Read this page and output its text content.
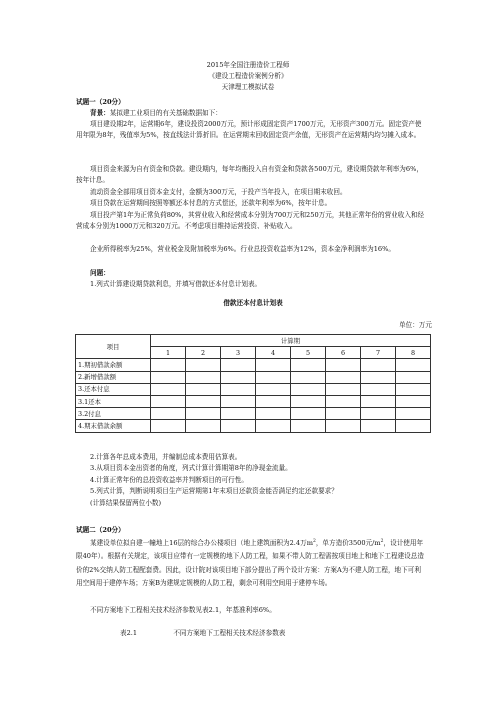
2015年全国注册造价工程师
《建设工程造价案例分析》
天津理工模拟试卷
试题一（20分）
背景：某拟建工业项目的有关基础数据如下：
项目建设期2年，运营期6年，建设投资2000万元，预计形成固定资产1700万元，无形资产300万元。固定资产使用年限为8年，残值率为5%，按直线法计算折旧。在运营期末回收固定资产余值，无形资产在运营期内均匀摊入成本。
项目资金来源为自有资金和贷款。建设期内，每年均衡投入自有资金和贷款各500万元，建设期贷款年利率为6%，按年计息。
流动资金全部用项目资本金支付，金额为300万元，于投产当年投入，在项目期末收回。
项目贷款在运营期间按照等额还本付息的方式偿还，还款年利率为6%，按年计息。
项目投产第1年为正常负荷80%，其营业收入和经营成本分别为700万元和250万元，其他正常年份的营业收入和经营成本分别为1000万元和320万元。不考虑项目维持运营投资、补贴收入。
企业所得税率为25%，营业税金及附加税率为6%。行业总投资收益率为12%，资本金净利润率为16%。
问题：
1.列式计算建设期贷款利息，并填写借款还本付息计划表。
借款还本付息计划表
单位：万元
项目	计算期							
	1	2	3	4	5	6	7	8
1.期初借款余额								
2.新增借款额								
3.还本付息								
3.1还本								
3.2付息								
4.期末借款余额								
2.计算各年总成本费用，并编制总成本费用估算表。
3.从项目资本金出资者的角度，列式计算计算期第8年的净现金流量。
4.计算正常年份的总投资收益率并判断项目的可行性。
5.列式计算，判断说明项目生产运营期第1年末项目还款资金能否满足约定还款要求？
(计算结果保留两位小数)
试题二（20分）
某建设单位拟自建一幢地上16层的综合办公楼项目（地上建筑面积为2.4万$m^2$，单方造价3500元$/m^2$，设计使用年限40年）。根据有关规定，该项目应带有一定规模的地下人防工程，如果不带人防工程需按项目地上和地下工程建设总造价的2%交纳人防工程配套费。因此，设计院对该项目地下部分提出了两个设计方案：方案A为不建人防工程，地下可利用空间用于建停车场；方案B为建规定规模的人防工程，剩余可利用空间用于建停车场。
不同方案地下工程相关技术经济参数见表2.1，年基准利率6%。
表2.1	不同方案地下工程相关技术经济参数表
